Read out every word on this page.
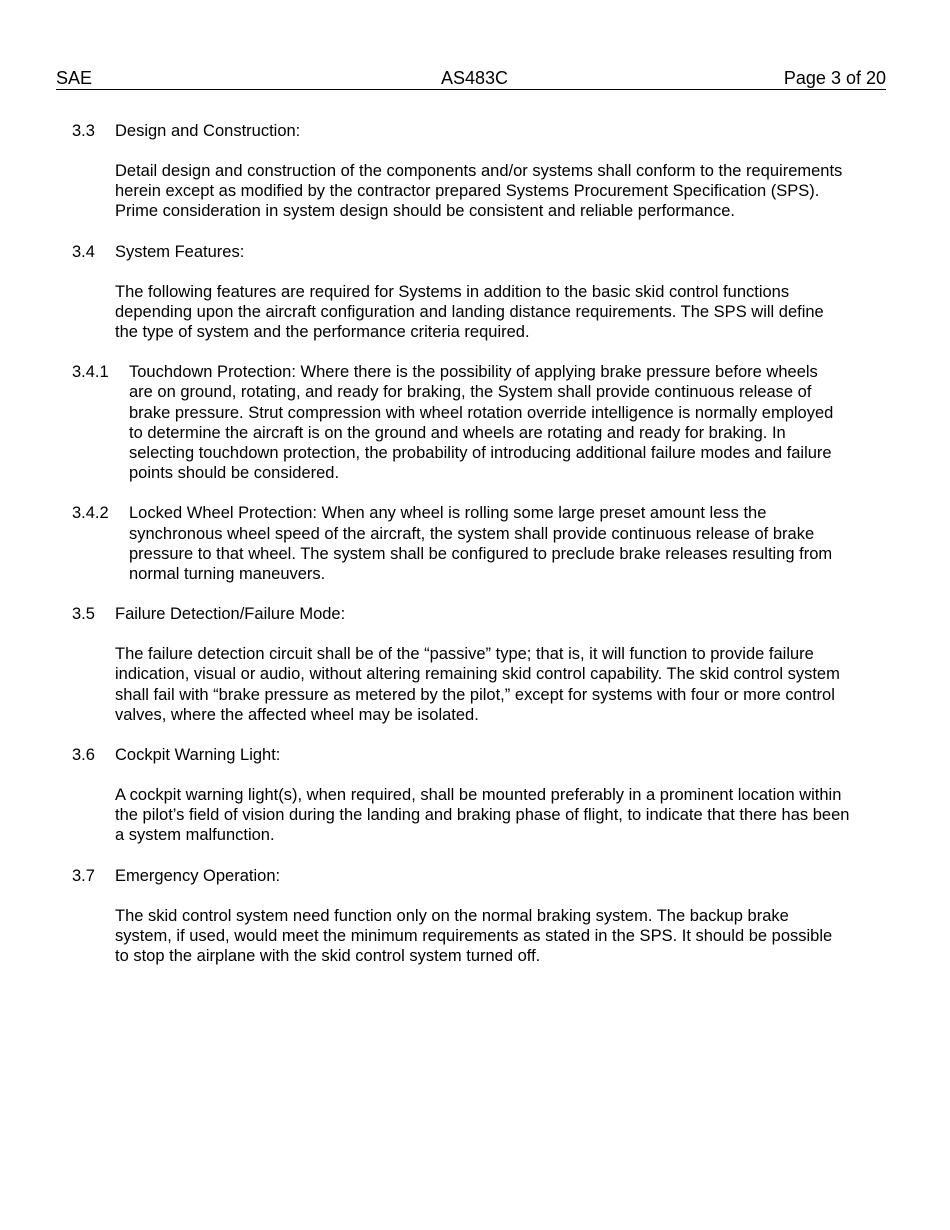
SAE	AS483C	Page 3 of 20
3.3	Design and Construction:
Detail design and construction of the components and/or systems shall conform to the requirements
herein except as modified by the contractor prepared Systems Procurement Specification (SPS).
Prime consideration in system design should be consistent and reliable performance.
3.4	System Features:
The following features are required for Systems in addition to the basic skid control functions
depending upon the aircraft configuration and landing distance requirements. The SPS will define
the type of system and the performance criteria required.
3.4.1	Touchdown Protection: Where there is the possibility of applying brake pressure before wheels
are on ground, rotating, and ready for braking, the System shall provide continuous release of
brake pressure. Strut compression with wheel rotation override intelligence is normally employed
to determine the aircraft is on the ground and wheels are rotating and ready for braking. In
selecting touchdown protection, the probability of introducing additional failure modes and failure
points should be considered.
3.4.2	Locked Wheel Protection: When any wheel is rolling some large preset amount less the
synchronous wheel speed of the aircraft, the system shall provide continuous release of brake
pressure to that wheel. The system shall be configured to preclude brake releases resulting from
normal turning maneuvers.
3.5	Failure Detection/Failure Mode:
The failure detection circuit shall be of the “passive” type; that is, it will function to provide failure
indication, visual or audio, without altering remaining skid control capability. The skid control system
shall fail with “brake pressure as metered by the pilot,” except for systems with four or more control
valves, where the affected wheel may be isolated.
3.6	Cockpit Warning Light:
A cockpit warning light(s), when required, shall be mounted preferably in a prominent location within
the pilot’s field of vision during the landing and braking phase of flight, to indicate that there has been
a system malfunction.
3.7	Emergency Operation:
The skid control system need function only on the normal braking system. The backup brake
system, if used, would meet the minimum requirements as stated in the SPS. It should be possible
to stop the airplane with the skid control system turned off.
